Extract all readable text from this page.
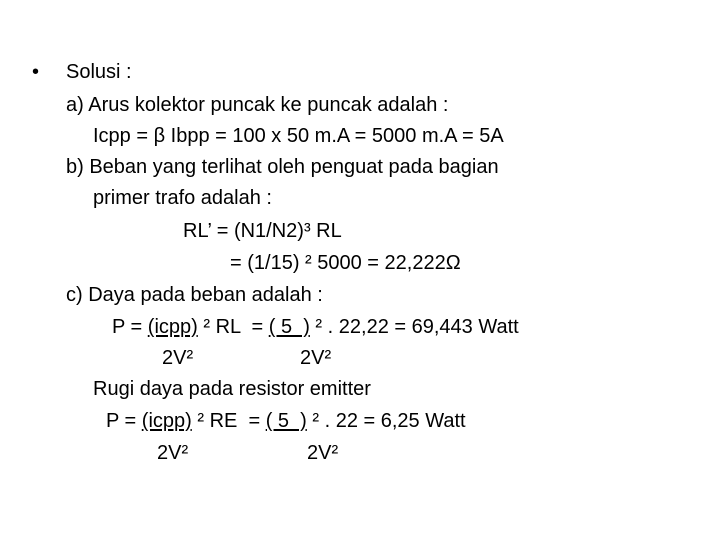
• Solusi :
a) Arus kolektor puncak ke puncak adalah :
Icpp = β Ibpp = 100 x 50 m.A = 5000 m.A = 5A
b) Beban yang terlihat oleh penguat pada bagian
primer trafo adalah :
RL’ = (N1/N2)³ RL
= (1/15) ² 5000 = 22,222Ω
c) Daya pada beban adalah :
P = (icpp) ² RL  = ( 5  ) ² . 22,22 = 69,443 Watt
2V²	2V²
Rugi daya pada resistor emitter
P = (icpp) ² RE  = ( 5  ) ² . 22 = 6,25 Watt
2V²	2V²
